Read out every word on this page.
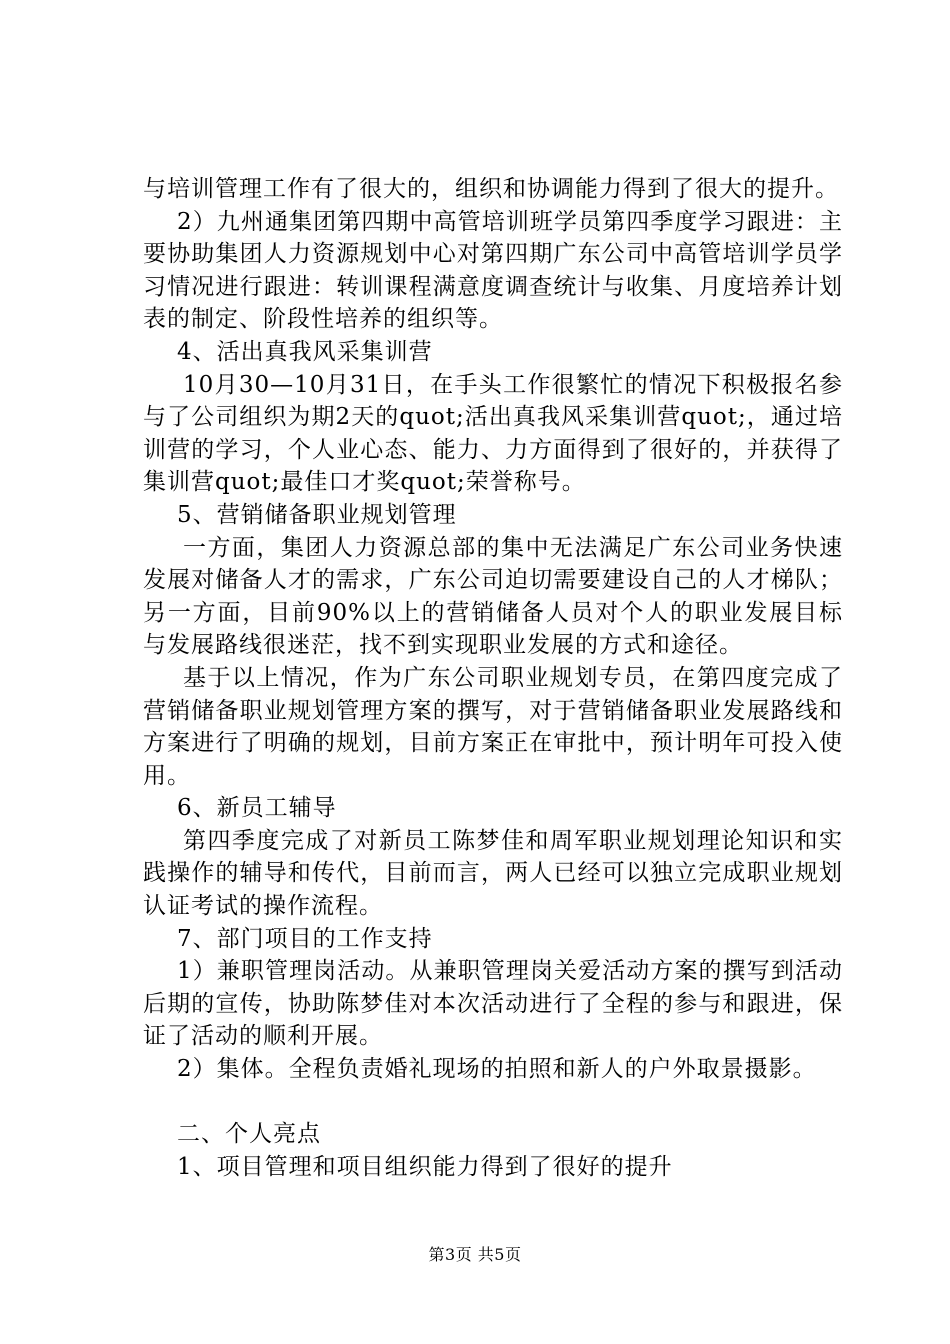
与培训管理工作有了很大的，组织和协调能力得到了很大的提升。

2）九州通集团第四期中高管培训班学员第四季度学习跟进：主要协助集团人力资源规划中心对第四期广东公司中高管培训学员学习情况进行跟进：转训课程满意度调查统计与收集、月度培养计划表的制定、阶段性培养的组织等。

4、活出真我风采集训营

10月30—10月31日，在手头工作很繁忙的情况下积极报名参与了公司组织为期2天的quot;活出真我风采集训营quot;，通过培训营的学习，个人业心态、能力、力方面得到了很好的，并获得了集训营quot;最佳口才奖quot;荣誉称号。

5、营销储备职业规划管理

一方面，集团人力资源总部的集中无法满足广东公司业务快速发展对储备人才的需求，广东公司迫切需要建设自己的人才梯队；另一方面，目前90%以上的营销储备人员对个人的职业发展目标与发展路线很迷茫，找不到实现职业发展的方式和途径。

基于以上情况，作为广东公司职业规划专员，在第四度完成了营销储备职业规划管理方案的撰写，对于营销储备职业发展路线和方案进行了明确的规划，目前方案正在审批中，预计明年可投入使用。

6、新员工辅导

第四季度完成了对新员工陈梦佳和周军职业规划理论知识和实践操作的辅导和传代，目前而言，两人已经可以独立完成职业规划认证考试的操作流程。

7、部门项目的工作支持

1）兼职管理岗活动。从兼职管理岗关爱活动方案的撰写到活动后期的宣传，协助陈梦佳对本次活动进行了全程的参与和跟进，保证了活动的顺利开展。

2）集体。全程负责婚礼现场的拍照和新人的户外取景摄影。

二、个人亮点

1、项目管理和项目组织能力得到了很好的提升

第3页 共5页
